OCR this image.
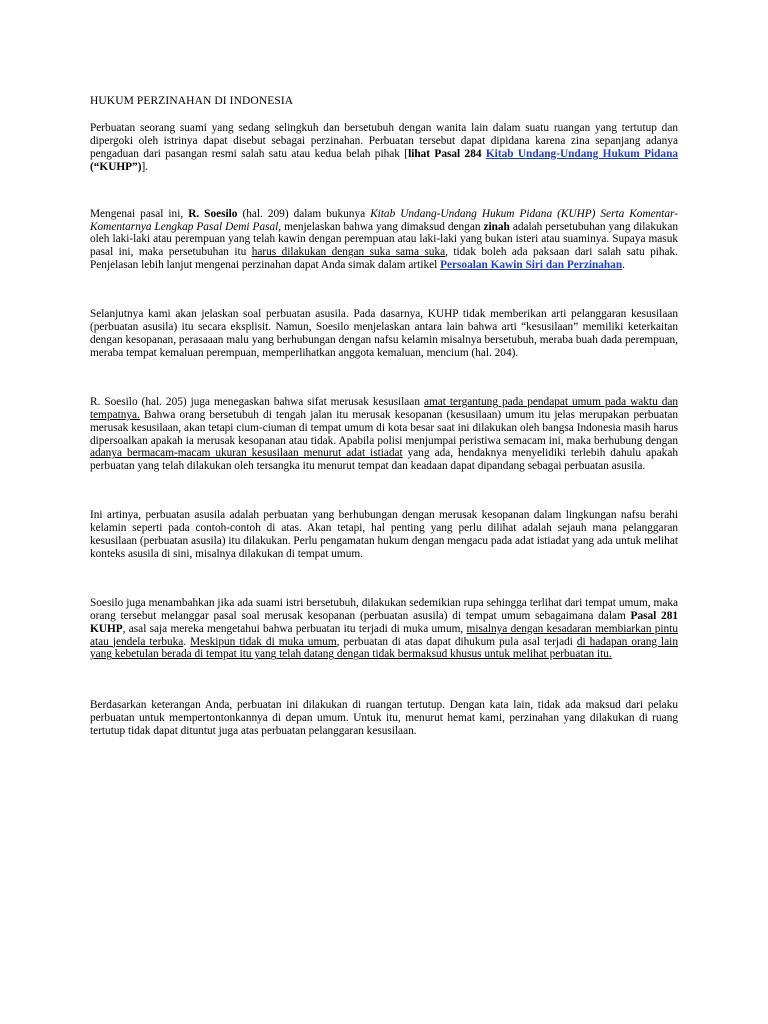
HUKUM PERZINAHAN DI INDONESIA

Perbuatan seorang suami yang sedang selingkuh dan bersetubuh dengan wanita lain dalam suatu ruangan yang tertutup dan dipergoki oleh istrinya dapat disebut sebagai perzinahan. Perbuatan tersebut dapat dipidana karena zina sepanjang adanya pengaduan dari pasangan resmi salah satu atau kedua belah pihak [lihat Pasal 284 Kitab Undang-Undang Hukum Pidana (“KUHP”)].

Mengenai pasal ini, R. Soesilo (hal. 209) dalam bukunya Kitab Undang-Undang Hukum Pidana (KUHP) Serta Komentar-Komentarnya Lengkap Pasal Demi Pasal, menjelaskan bahwa yang dimaksud dengan zinah adalah persetubuhan yang dilakukan oleh laki-laki atau perempuan yang telah kawin dengan perempuan atau laki-laki yang bukan isteri atau suaminya. Supaya masuk pasal ini, maka persetubuhan itu harus dilakukan dengan suka sama suka, tidak boleh ada paksaan dari salah satu pihak. Penjelasan lebih lanjut mengenai perzinahan dapat Anda simak dalam artikel Persoalan Kawin Siri dan Perzinahan.

Selanjutnya kami akan jelaskan soal perbuatan asusila. Pada dasarnya, KUHP tidak memberikan arti pelanggaran kesusilaan (perbuatan asusila) itu secara eksplisit. Namun, Soesilo menjelaskan antara lain bahwa arti “kesusilaan” memiliki keterkaitan dengan kesopanan, perasaaan malu yang berhubungan dengan nafsu kelamin misalnya bersetubuh, meraba buah dada perempuan, meraba tempat kemaluan perempuan, memperlihatkan anggota kemaluan, mencium (hal. 204).

R. Soesilo (hal. 205) juga menegaskan bahwa sifat merusak kesusilaan amat tergantung pada pendapat umum pada waktu dan tempatnya. Bahwa orang bersetubuh di tengah jalan itu merusak kesopanan (kesusilaan) umum itu jelas merupakan perbuatan merusak kesusilaan, akan tetapi cium-ciuman di tempat umum di kota besar saat ini dilakukan oleh bangsa Indonesia masih harus dipersoalkan apakah ia merusak kesopanan atau tidak. Apabila polisi menjumpai peristiwa semacam ini, maka berhubung dengan adanya bermacam-macam ukuran kesusilaan menurut adat istiadat yang ada, hendaknya menyelidiki terlebih dahulu apakah perbuatan yang telah dilakukan oleh tersangka itu menurut tempat dan keadaan dapat dipandang sebagai perbuatan asusila.

Ini artinya, perbuatan asusila adalah perbuatan yang berhubungan dengan merusak kesopanan dalam lingkungan nafsu berahi kelamin seperti pada contoh-contoh di atas. Akan tetapi, hal penting yang perlu dilihat adalah sejauh mana pelanggaran kesusilaan (perbuatan asusila) itu dilakukan. Perlu pengamatan hukum dengan mengacu pada adat istiadat yang ada untuk melihat konteks asusila di sini, misalnya dilakukan di tempat umum.

Soesilo juga menambahkan jika ada suami istri bersetubuh, dilakukan sedemikian rupa sehingga terlihat dari tempat umum, maka orang tersebut melanggar pasal soal merusak kesopanan (perbuatan asusila) di tempat umum sebagaimana dalam Pasal 281 KUHP, asal saja mereka mengetahui bahwa perbuatan itu terjadi di muka umum, misalnya dengan kesadaran membiarkan pintu atau jendela terbuka. Meskipun tidak di muka umum, perbuatan di atas dapat dihukum pula asal terjadi di hadapan orang lain yang kebetulan berada di tempat itu yang telah datang dengan tidak bermaksud khusus untuk melihat perbuatan itu.

Berdasarkan keterangan Anda, perbuatan ini dilakukan di ruangan tertutup. Dengan kata lain, tidak ada maksud dari pelaku perbuatan untuk mempertontonkannya di depan umum. Untuk itu, menurut hemat kami, perzinahan yang dilakukan di ruang tertutup tidak dapat dituntut juga atas perbuatan pelanggaran kesusilaan.
